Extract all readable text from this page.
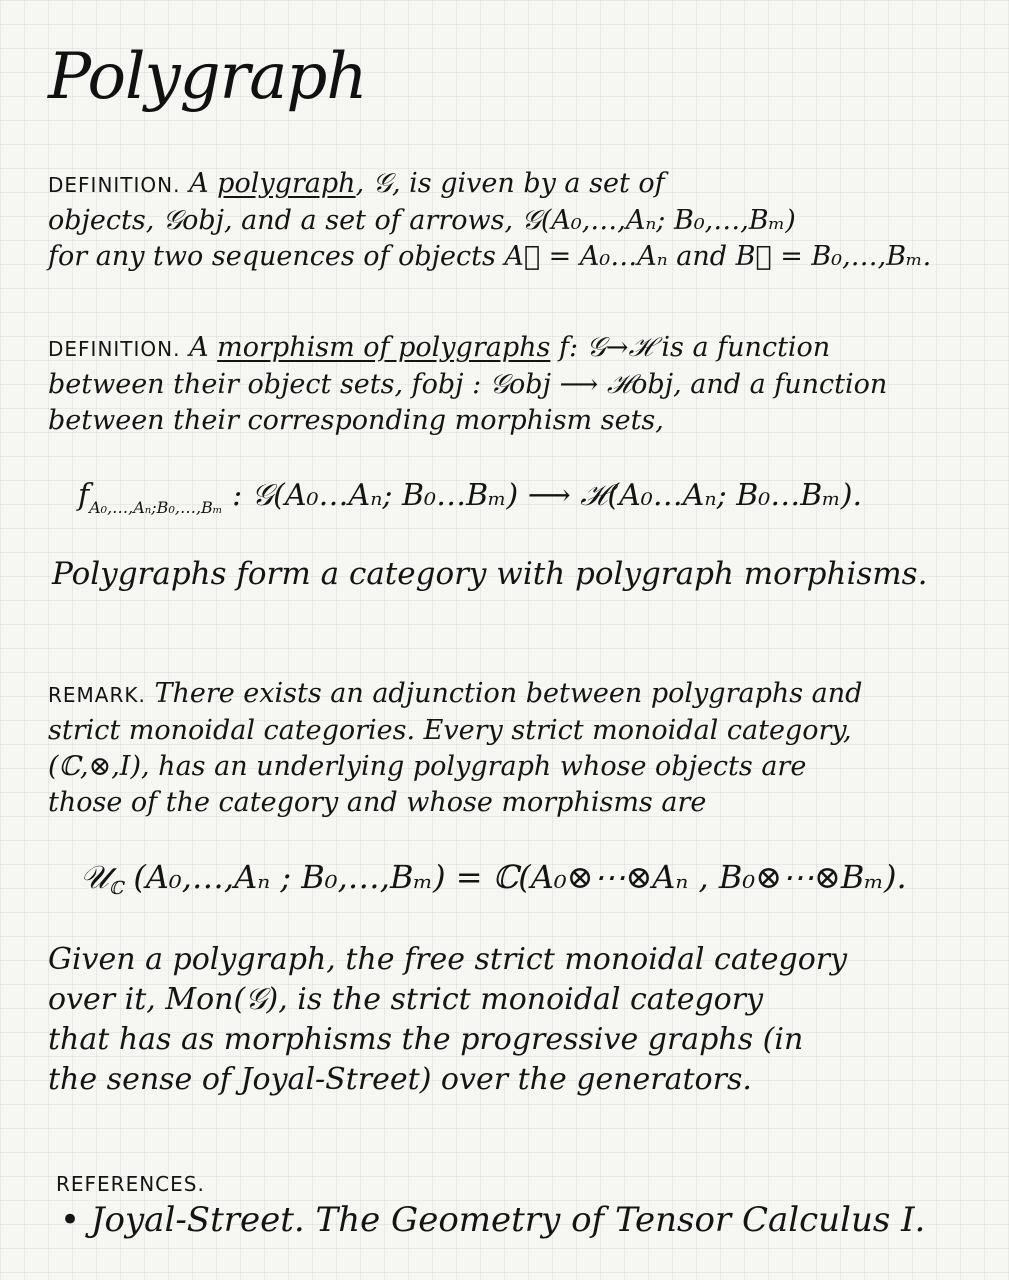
Polygraph
DEFINITION. A polygraph, 𝒢, is given by a set of
objects, 𝒢obj, and a set of arrows, 𝒢(A₀,…,Aₙ; B₀,…,Bₘ)
for any two sequences of objects A⃗ = A₀…Aₙ and B⃗ = B₀,…,Bₘ.
DEFINITION. A morphism of polygraphs f: 𝒢→ℋ is a function
between their object sets, fobj : 𝒢obj ⟶ ℋobj, and a function
between their corresponding morphism sets,
$f_{A_0,\dots,A_n;B_0,\dots,B_m}$ : 𝒢(A₀…Aₙ; B₀…Bₘ) ⟶ ℋ(A₀…Aₙ; B₀…Bₘ).
Polygraphs form a category with polygraph morphisms.
REMARK. There exists an adjunction between polygraphs and
strict monoidal categories. Every strict monoidal category,
(ℂ,⊗,I), has an underlying polygraph whose objects are
those of the category and whose morphisms are
𝒰ℂ (A₀,…,Aₙ ; B₀,…,Bₘ) = ℂ(A₀⊗⋯⊗Aₙ , B₀⊗⋯⊗Bₘ).
Given a polygraph, the free strict monoidal category
over it, Mon(𝒢), is the strict monoidal category
that has as morphisms the progressive graphs (in
the sense of Joyal-Street) over the generators.
REFERENCES.
• Joyal-Street. The Geometry of Tensor Calculus I.
